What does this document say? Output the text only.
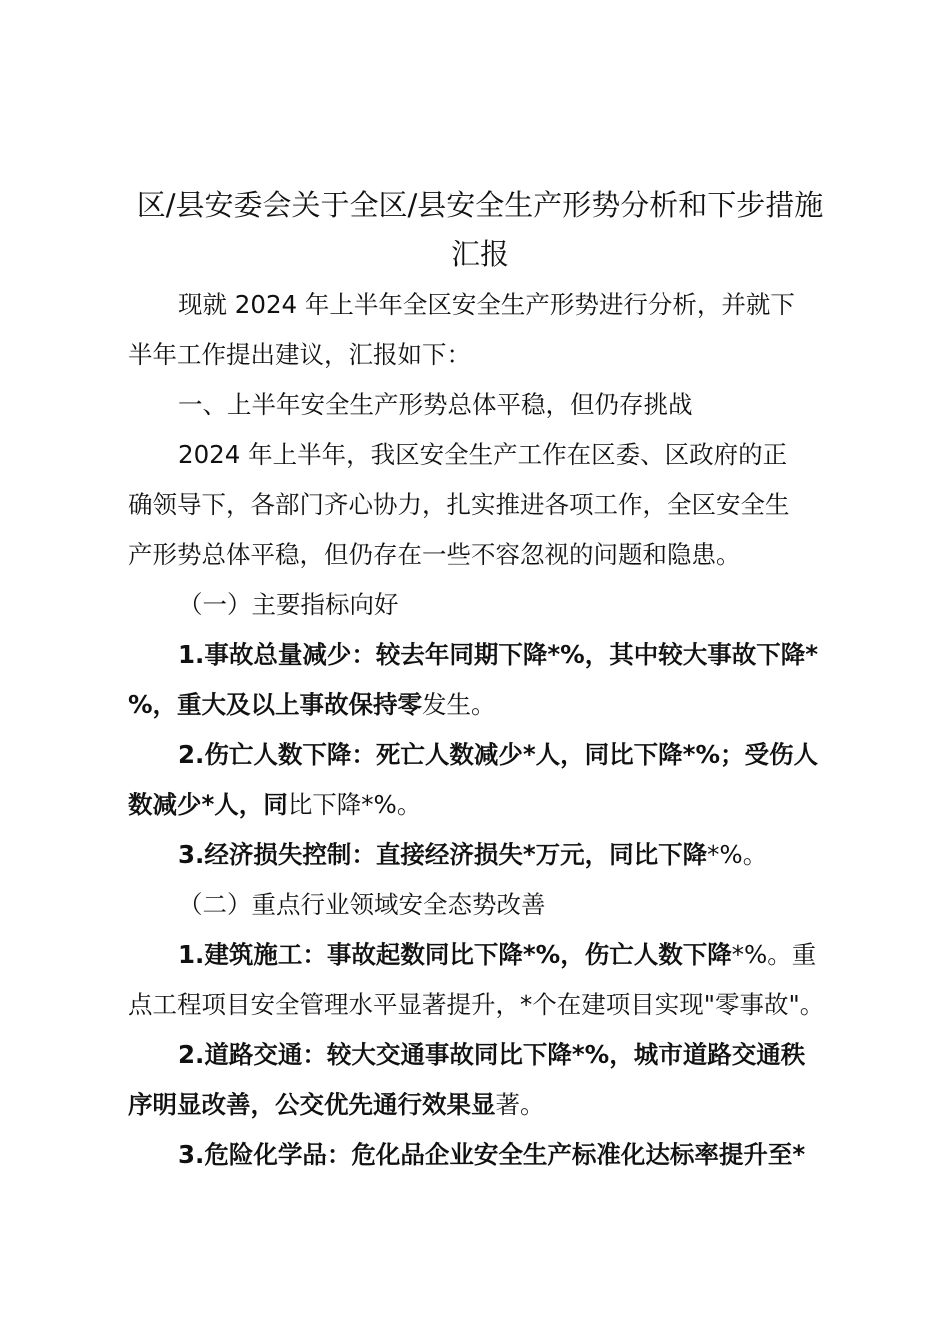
区/县安委会关于全区/县安全生产形势分析和下步措施
汇报
现就 2024 年上半年全区安全生产形势进行分析，并就下
半年工作提出建议，汇报如下：
一、上半年安全生产形势总体平稳，但仍存挑战
2024 年上半年，我区安全生产工作在区委、区政府的正
确领导下，各部门齐心协力，扎实推进各项工作，全区安全生
产形势总体平稳，但仍存在一些不容忽视的问题和隐患。
（一）主要指标向好
1.事故总量减少：较去年同期下降*%，其中较大事故下降*
%，重大及以上事故保持零发生。
2.伤亡人数下降：死亡人数减少*人，同比下降*%；受伤人
数减少*人，同比下降*%。
3.经济损失控制：直接经济损失*万元，同比下降*%。
（二）重点行业领域安全态势改善
1.建筑施工：事故起数同比下降*%，伤亡人数下降*%。重
点工程项目安全管理水平显著提升，*个在建项目实现"零事故"。
2.道路交通：较大交通事故同比下降*%，城市道路交通秩
序明显改善，公交优先通行效果显著。
3.危险化学品：危化品企业安全生产标准化达标率提升至*
